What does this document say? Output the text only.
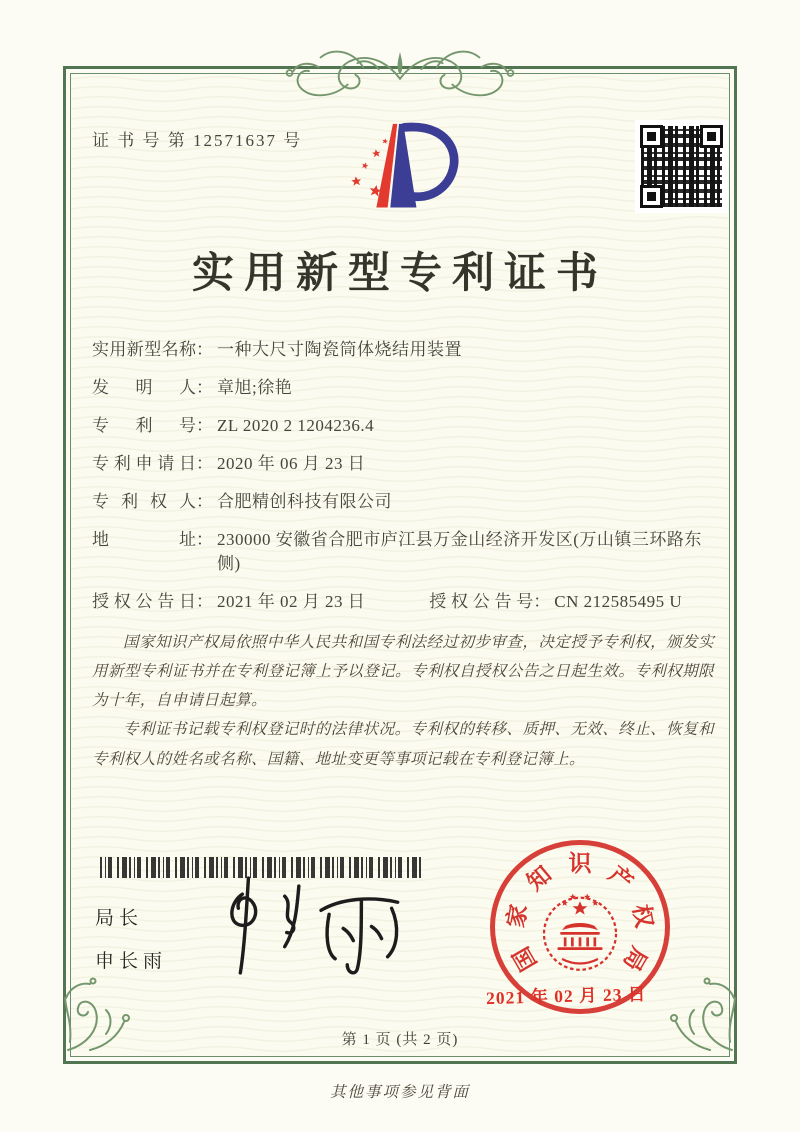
证 书 号 第 12571637 号
实用新型专利证书
实用新型名称 ： 一种大尺寸陶瓷筒体烧结用装置
发 明 人 ： 章旭;徐艳
专 利 号 ： ZL 2020 2 1204236.4
专利申请日 ： 2020 年 06 月 23 日
专 利 权 人 ： 合肥精创科技有限公司
地 址 ： 230000 安徽省合肥市庐江县万金山经济开发区(万山镇三环路东侧)
授权公告日 ： 2021 年 02 月 23 日	授权公告号 ： CN 212585495 U

国家知识产权局依照中华人民共和国专利法经过初步审查，决定授予专利权，颁发实用新型专利证书并在专利登记簿上予以登记。专利权自授权公告之日起生效。专利权期限为十年，自申请日起算。

专利证书记载专利权登记时的法律状况。专利权的转移、质押、无效、终止、恢复和专利权人的姓名或名称、国籍、地址变更等事项记载在专利登记簿上。

局长
申长雨	国
家
知 识 产
权
局
2021 年 02 月 23 日
第 1 页 (共 2 页)
其他事项参见背面
